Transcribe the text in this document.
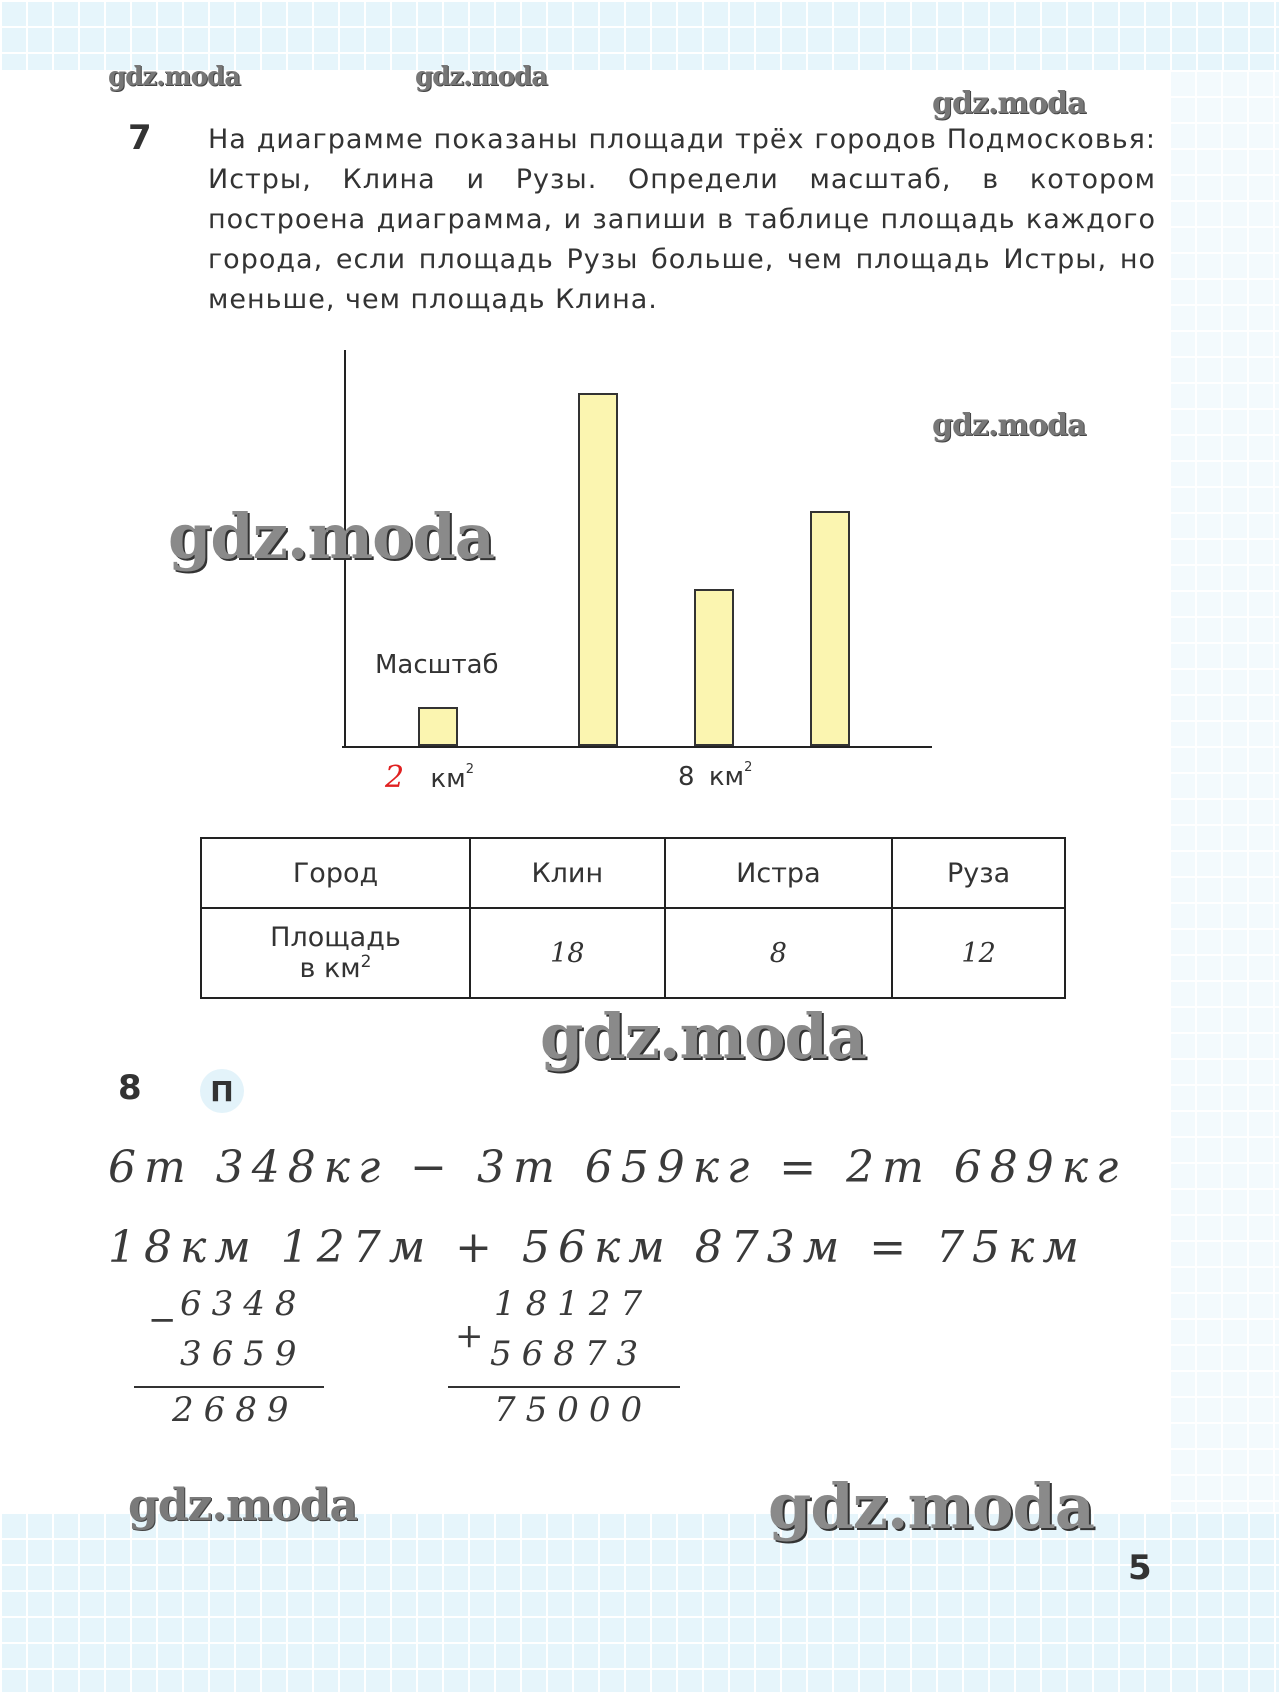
gdz.moda	gdz.moda
gdz.moda
gdz.moda
7 На диаграмме показаны площади трёх городов Подмосковья: Истры, Клина и Рузы. Определи масштаб, в котором построена диаграмма, и запиши в таблице площадь каждого города, если площадь Рузы больше, чем площадь Истры, но меньше, чем площадь Клина.
Масштаб
2 $км^2$	8 $км^2$
gdz.moda
Город	Клин	Истра	Руза

Площадь
в $км^2$	18	8	12
gdz.moda
8	П
6т 348кг − 3т 659кг = 2т 689кг
18км 127м + 56км 873м = 75км
−
6348
3659
2689
+
18127
56873
75000
gdz.moda	gdz.moda
5
